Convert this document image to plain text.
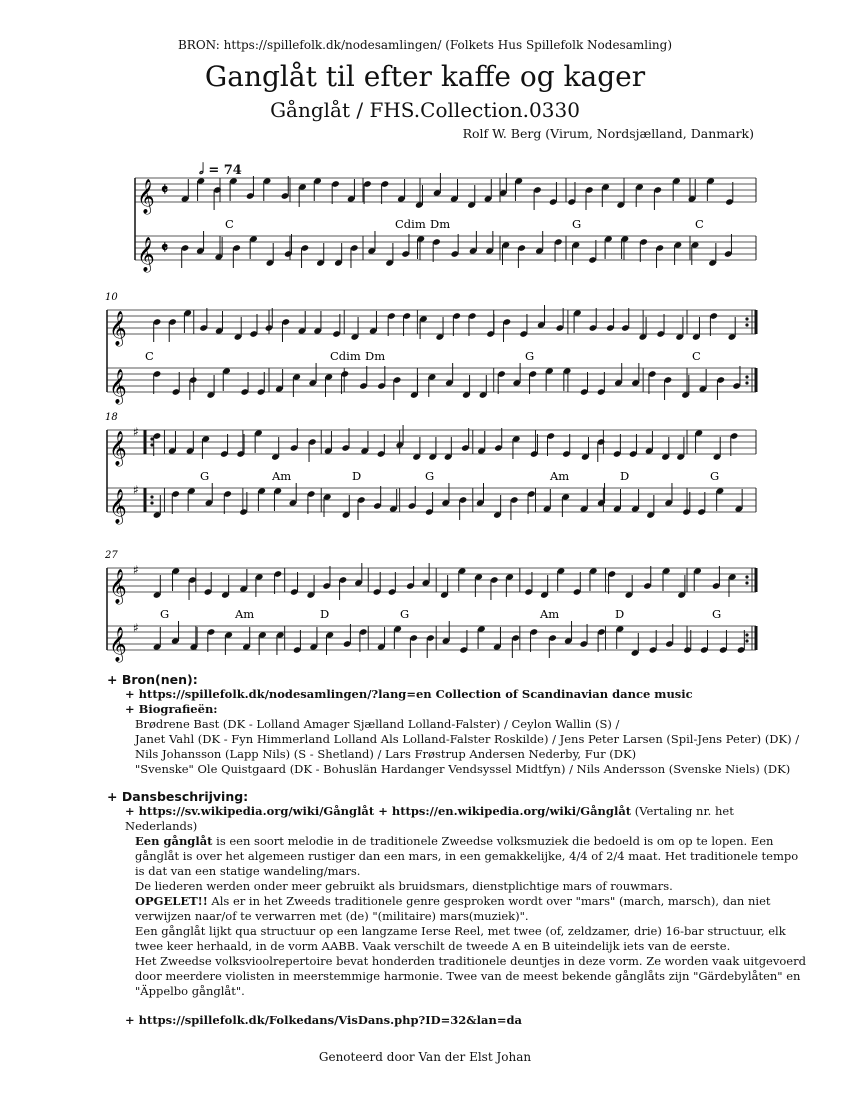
BRON: https://spillefolk.dk/nodesamlingen/ (Folkets Hus Spillefolk Nodesamling)
Ganglåt til efter kaffe og kager
Gånglåt / FHS.Collection.0330
Rolf W. Berg (Virum, Nordsjælland, Danmark)
𝅗𝅥 = 74
𝄞 𝄵
𝄞 𝄵
C	Cdim Dm	G	C
𝄞
𝄞
10
C	Cdim Dm	G	C
𝄞 ♯
𝄞 ♯
18
G	Am	D	G	Am	D	G
𝄞 ♯
𝄞 ♯
27
G	Am	D	G	Am	D	G
+ Bron(nen):
+ https://spillefolk.dk/nodesamlingen/?lang=en Collection of Scandinavian dance music
+ Biografieën:
Brødrene Bast (DK - Lolland Amager Sjælland Lolland-Falster) / Ceylon Wallin (S) /
Janet Vahl (DK - Fyn Himmerland Lolland Als Lolland-Falster Roskilde) / Jens Peter Larsen (Spil-Jens Peter) (DK) /
Nils Johansson (Lapp Nils) (S - Shetland) / Lars Frøstrup Andersen Nederby, Fur (DK)
"Svenske" Ole Quistgaard (DK - Bohuslän Hardanger Vendsyssel Midtfyn) / Nils Andersson (Svenske Niels) (DK)
+ Dansbeschrijving:
+ https://sv.wikipedia.org/wiki/Gånglåt + https://en.wikipedia.org/wiki/Gånglåt (Vertaling nr. het Nederlands)
Een gånglåt is een soort melodie in de traditionele Zweedse volksmuziek die bedoeld is om op te lopen. Een gånglåt is over het algemeen rustiger dan een mars, in een gemakkelijke, 4/4 of 2/4 maat. Het traditionele tempo is dat van een statige wandeling/mars.
De liederen werden onder meer gebruikt als bruidsmars, dienstplichtige mars of rouwmars.
OPGELET!! Als er in het Zweeds traditionele genre gesproken wordt over "mars" (march, marsch), dan niet verwijzen naar/of te verwarren met (de) "(militaire) mars(muziek)".
Een gånglåt lijkt qua structuur op een langzame Ierse Reel, met twee (of, zeldzamer, drie) 16-bar structuur, elk twee keer herhaald, in de vorm AABB. Vaak verschilt de tweede A en B uiteindelijk iets van de eerste.
Het Zweedse volksvioolrepertoire bevat honderden traditionele deuntjes in deze vorm. Ze worden vaak uitgevoerd door meerdere violisten in meerstemmige harmonie. Twee van de meest bekende gånglåts zijn "Gärdebylåten" en "Äppelbo gånglåt".
+ https://spillefolk.dk/Folkedans/VisDans.php?ID=32&lan=da
Genoteerd door Van der Elst Johan
